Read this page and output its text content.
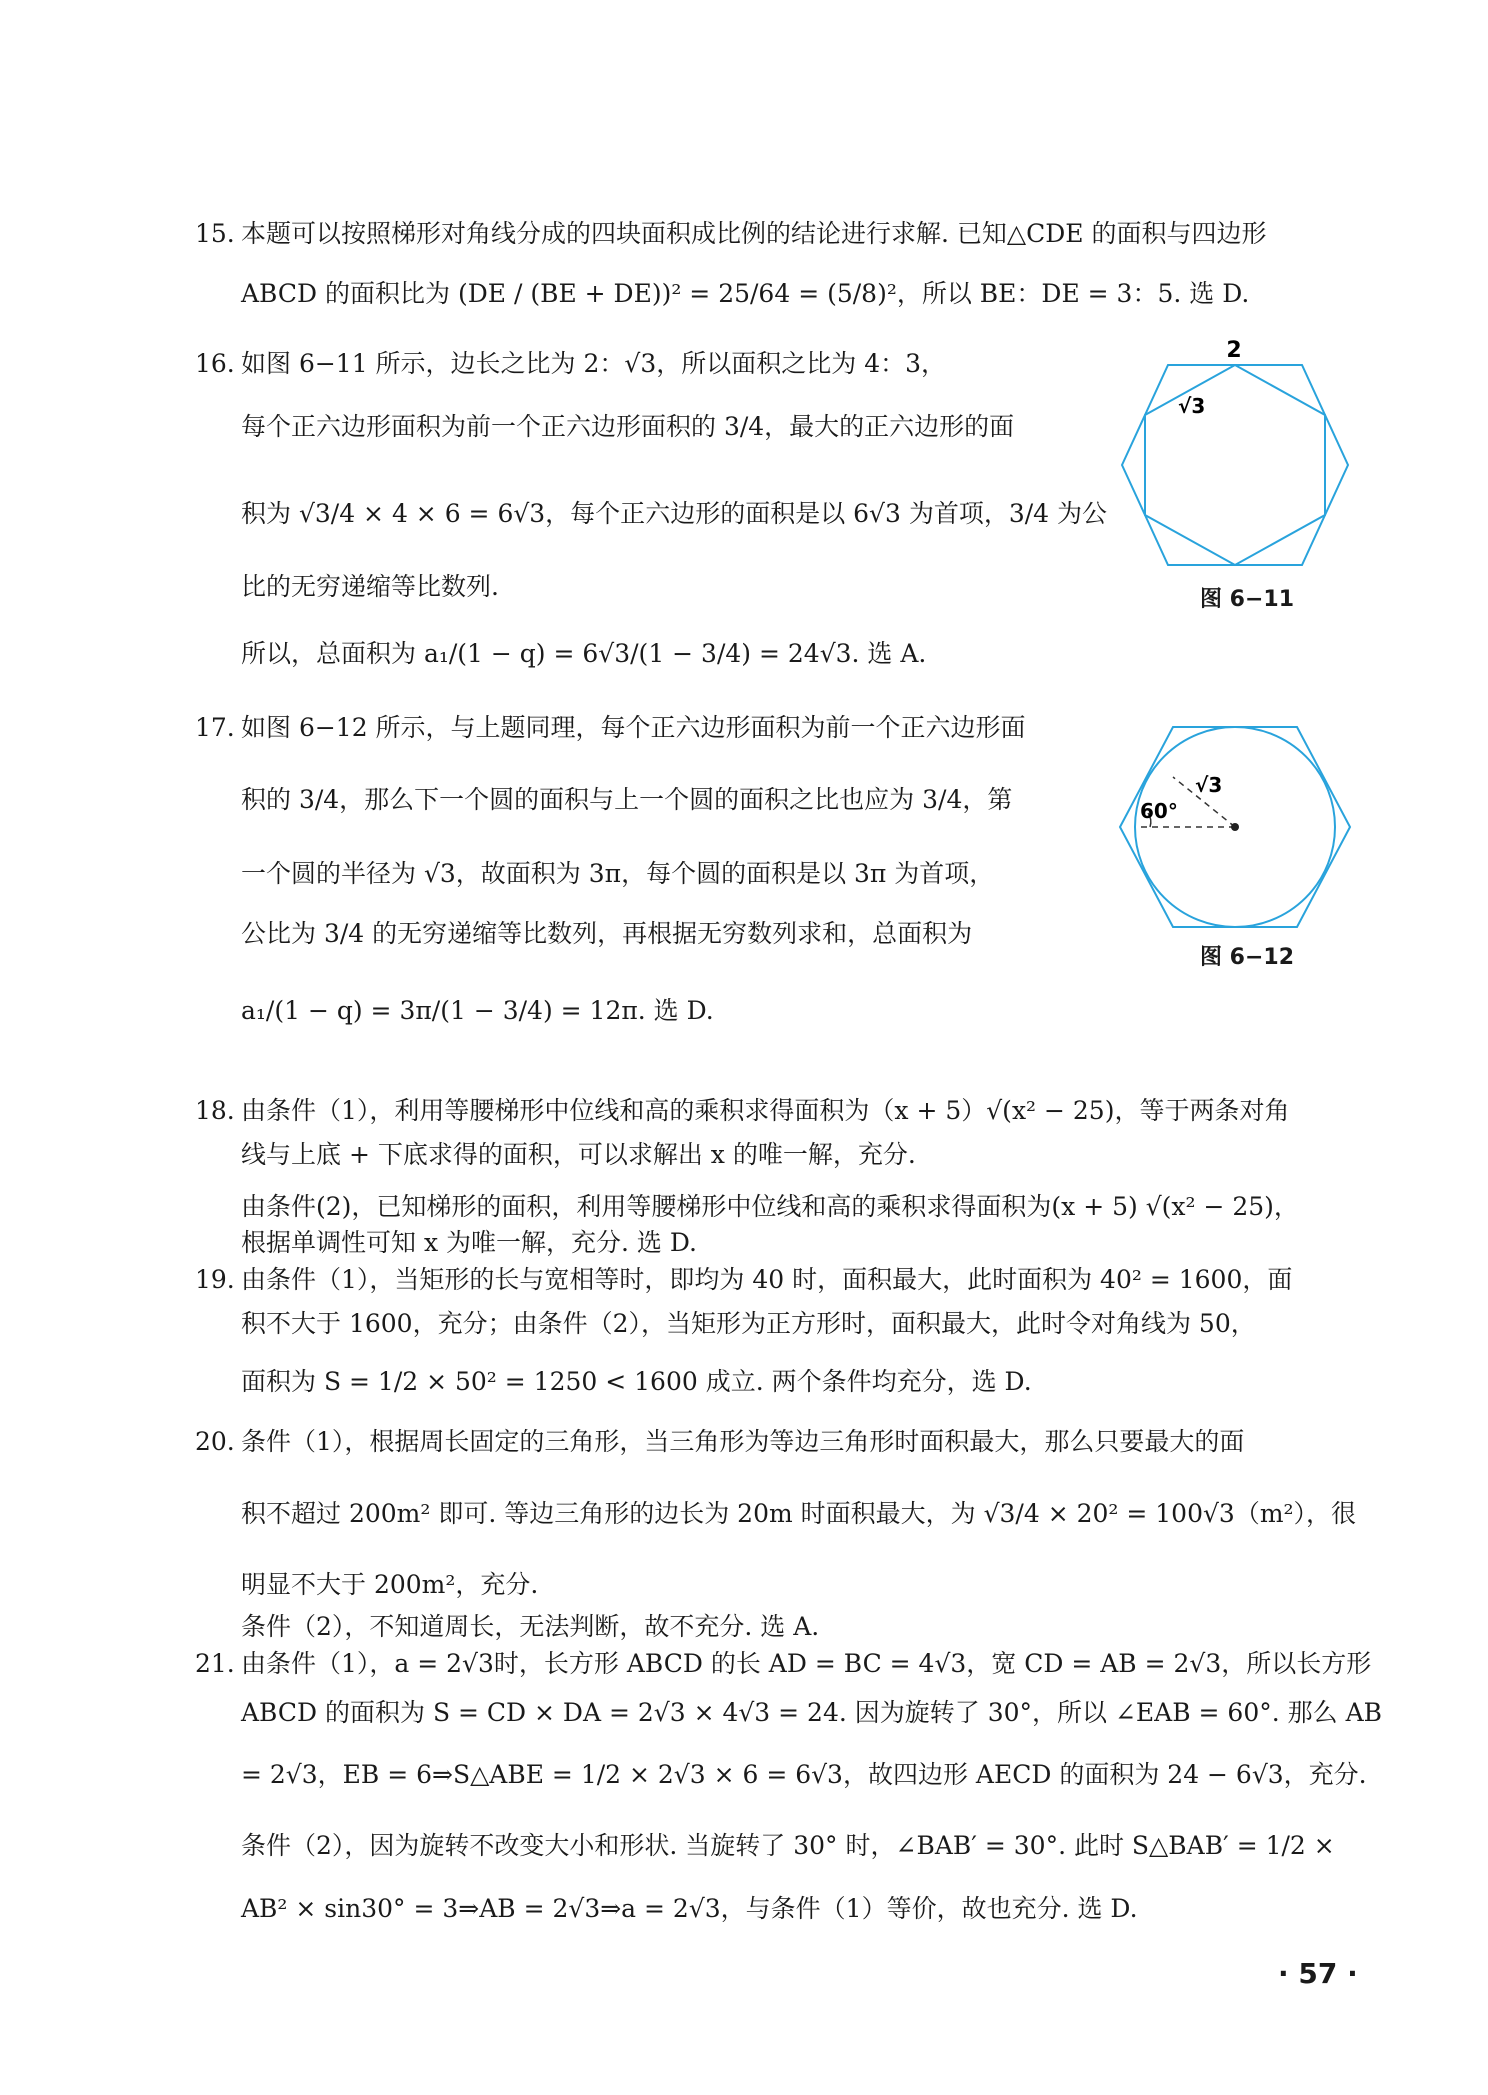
15. 本题可以按照梯形对角线分成的四块面积成比例的结论进行求解. 已知△CDE 的面积与四边形
ABCD 的面积比为 (DE / (BE + DE))² = 25/64 = (5/8)²，所以 BE：DE = 3：5. 选 D.
16. 如图 6−11 所示，边长之比为 2：√3，所以面积之比为 4：3，
每个正六边形面积为前一个正六边形面积的 3/4，最大的正六边形的面
积为 √3/4 × 4 × 6 = 6√3，每个正六边形的面积是以 6√3 为首项，3/4 为公
比的无穷递缩等比数列.
所以，总面积为 a₁/(1 − q) = 6√3/(1 − 3/4) = 24√3. 选 A.
17. 如图 6−12 所示，与上题同理，每个正六边形面积为前一个正六边形面
积的 3/4，那么下一个圆的面积与上一个圆的面积之比也应为 3/4，第
一个圆的半径为 √3，故面积为 3π，每个圆的面积是以 3π 为首项，
公比为 3/4 的无穷递缩等比数列，再根据无穷数列求和，总面积为
a₁/(1 − q) = 3π/(1 − 3/4) = 12π. 选 D.
18. 由条件（1），利用等腰梯形中位线和高的乘积求得面积为（x + 5）√(x² − 25)，等于两条对角
线与上底 + 下底求得的面积，可以求解出 x 的唯一解，充分.
由条件(2)，已知梯形的面积，利用等腰梯形中位线和高的乘积求得面积为(x + 5) √(x² − 25)，
根据单调性可知 x 为唯一解，充分. 选 D.
19. 由条件（1），当矩形的长与宽相等时，即均为 40 时，面积最大，此时面积为 40² = 1600，面
积不大于 1600，充分；由条件（2），当矩形为正方形时，面积最大，此时令对角线为 50，
面积为 S = 1/2 × 50² = 1250 < 1600 成立. 两个条件均充分，选 D.
20. 条件（1），根据周长固定的三角形，当三角形为等边三角形时面积最大，那么只要最大的面
积不超过 200m² 即可. 等边三角形的边长为 20m 时面积最大，为 √3/4 × 20² = 100√3（m²），很
明显不大于 200m²，充分.
条件（2），不知道周长，无法判断，故不充分. 选 A.
21. 由条件（1），a = 2√3时，长方形 ABCD 的长 AD = BC = 4√3，宽 CD = AB = 2√3，所以长方形
ABCD 的面积为 S = CD × DA = 2√3 × 4√3 = 24. 因为旋转了 30°，所以 ∠EAB = 60°. 那么 AB
= 2√3，EB = 6⇒S△ABE = 1/2 × 2√3 × 6 = 6√3，故四边形 AECD 的面积为 24 − 6√3，充分.
条件（2），因为旋转不改变大小和形状. 当旋转了 30° 时，∠BAB′ = 30°. 此时 S△BAB′ = 1/2 ×
AB² × sin30° = 3⇒AB = 2√3⇒a = 2√3，与条件（1）等价，故也充分. 选 D.
2
√3
图 6−11
√3
60°
图 6−12
· 57 ·
